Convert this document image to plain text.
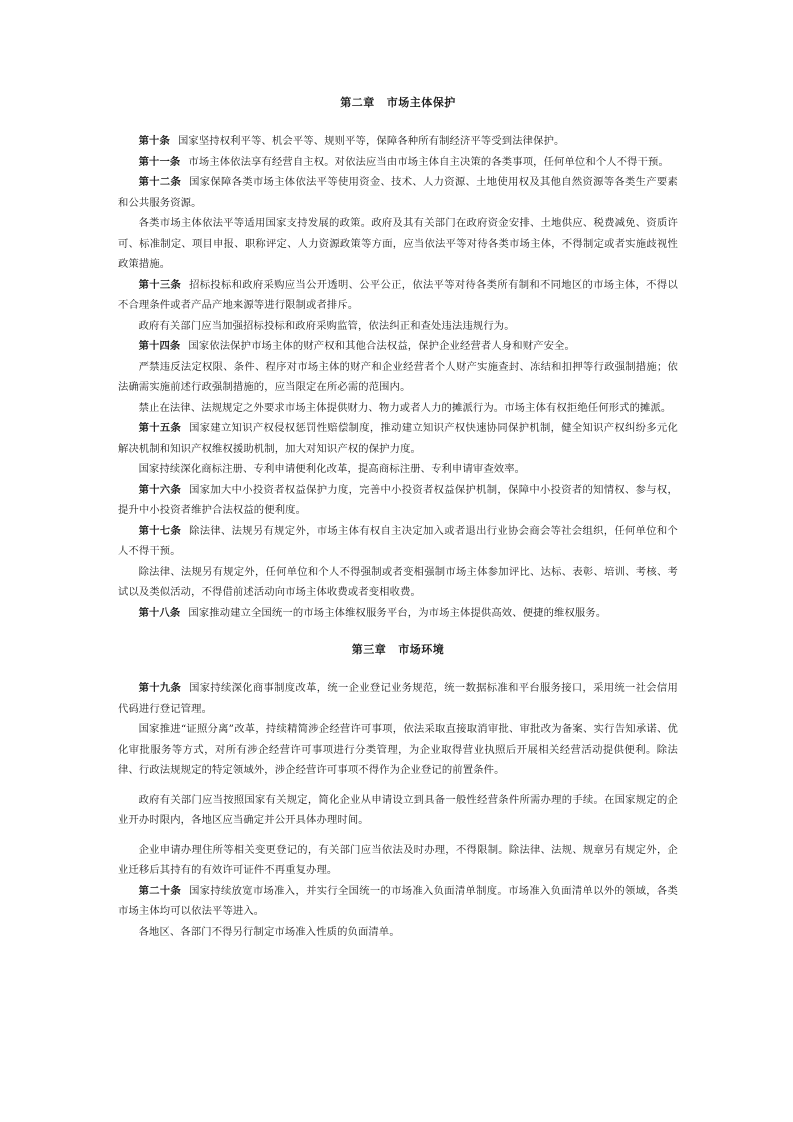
第二章 市场主体保护

第十条 国家坚持权利平等、机会平等、规则平等，保障各种所有制经济平等受到法律保护。

第十一条 市场主体依法享有经营自主权。对依法应当由市场主体自主决策的各类事项，任何单位和个人不得干预。

第十二条 国家保障各类市场主体依法平等使用资金、技术、人力资源、土地使用权及其他自然资源等各类生产要素和公共服务资源。

各类市场主体依法平等适用国家支持发展的政策。政府及其有关部门在政府资金安排、土地供应、税费减免、资质许可、标准制定、项目申报、职称评定、人力资源政策等方面，应当依法平等对待各类市场主体，不得制定或者实施歧视性政策措施。

第十三条 招标投标和政府采购应当公开透明、公平公正，依法平等对待各类所有制和不同地区的市场主体，不得以不合理条件或者产品产地来源等进行限制或者排斥。

政府有关部门应当加强招标投标和政府采购监管，依法纠正和查处违法违规行为。

第十四条 国家依法保护市场主体的财产权和其他合法权益，保护企业经营者人身和财产安全。

严禁违反法定权限、条件、程序对市场主体的财产和企业经营者个人财产实施查封、冻结和扣押等行政强制措施；依法确需实施前述行政强制措施的，应当限定在所必需的范围内。

禁止在法律、法规规定之外要求市场主体提供财力、物力或者人力的摊派行为。市场主体有权拒绝任何形式的摊派。

第十五条 国家建立知识产权侵权惩罚性赔偿制度，推动建立知识产权快速协同保护机制，健全知识产权纠纷多元化解决机制和知识产权维权援助机制，加大对知识产权的保护力度。

国家持续深化商标注册、专利申请便利化改革，提高商标注册、专利申请审查效率。

第十六条 国家加大中小投资者权益保护力度，完善中小投资者权益保护机制，保障中小投资者的知情权、参与权，提升中小投资者维护合法权益的便利度。

第十七条 除法律、法规另有规定外，市场主体有权自主决定加入或者退出行业协会商会等社会组织，任何单位和个人不得干预。

除法律、法规另有规定外，任何单位和个人不得强制或者变相强制市场主体参加评比、达标、表彰、培训、考核、考试以及类似活动，不得借前述活动向市场主体收费或者变相收费。

第十八条 国家推动建立全国统一的市场主体维权服务平台，为市场主体提供高效、便捷的维权服务。

第三章 市场环境

第十九条 国家持续深化商事制度改革，统一企业登记业务规范，统一数据标准和平台服务接口，采用统一社会信用代码进行登记管理。

国家推进“证照分离”改革，持续精简涉企经营许可事项，依法采取直接取消审批、审批改为备案、实行告知承诺、优化审批服务等方式，对所有涉企经营许可事项进行分类管理，为企业取得营业执照后开展相关经营活动提供便利。除法律、行政法规规定的特定领域外，涉企经营许可事项不得作为企业登记的前置条件。

政府有关部门应当按照国家有关规定，简化企业从申请设立到具备一般性经营条件所需办理的手续。在国家规定的企业开办时限内，各地区应当确定并公开具体办理时间。

企业申请办理住所等相关变更登记的，有关部门应当依法及时办理，不得限制。除法律、法规、规章另有规定外，企业迁移后其持有的有效许可证件不再重复办理。

第二十条 国家持续放宽市场准入，并实行全国统一的市场准入负面清单制度。市场准入负面清单以外的领域，各类市场主体均可以依法平等进入。

各地区、各部门不得另行制定市场准入性质的负面清单。
